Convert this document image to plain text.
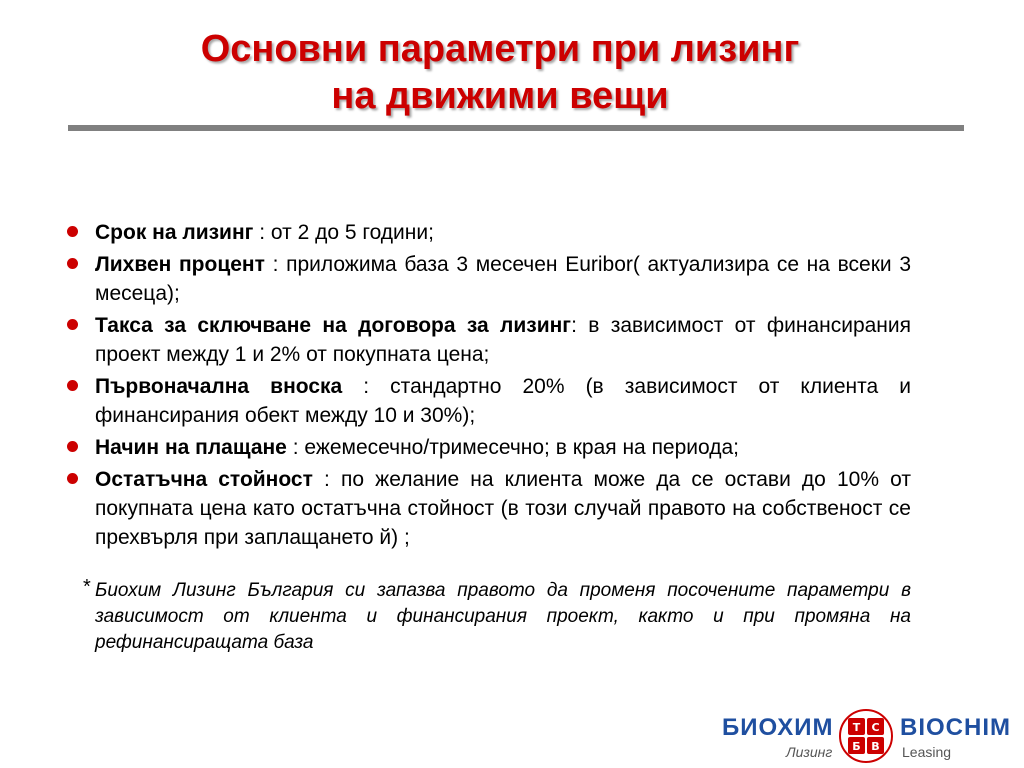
Основни параметри при лизинг
на движими вещи
Срок на лизинг : от 2 до 5 години;
Лихвен процент : приложима база 3 месечен Euribor( актуализира се на всеки 3 месеца);
Такса за сключване на договора за лизинг: в зависимост от финансирания проект между 1 и 2% от покупната цена;
Първоначална вноска : стандартно 20% (в зависимост от клиента и финансирания обект между 10 и 30%);
Начин на плащане : ежемесечно/тримесечно; в края на периода;
Остатъчна стойност : по желание на клиента може да се остави до 10% от покупната цена като остатъчна стойност (в този случай правото на собственост се прехвърля при заплащането й) ;
* Биохим Лизинг България си запазва правото да променя посочените параметри в зависимост от клиента и финансирания проект, както и при промяна на рефинансиращата база
БИОХИМ
Лизинг
Т С
Б В
BIOCHIM
Leasing
